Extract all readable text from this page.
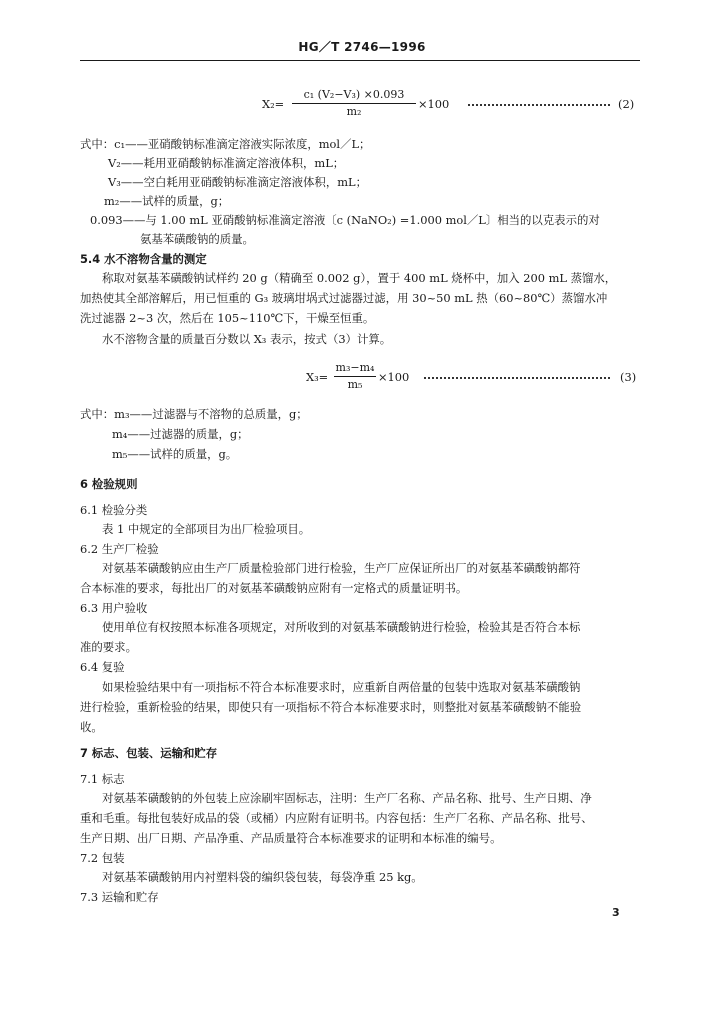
HG／T 2746—1996
X₂=
c₁ (V₂−V₃) ×0.093
m₂
×100	(2)
式中：c₁——亚硝酸钠标准滴定溶液实际浓度，mol／L；
V₂——耗用亚硝酸钠标准滴定溶液体积，mL；
V₃——空白耗用亚硝酸钠标准滴定溶液体积，mL；
m₂——试样的质量，g；
0.093——与 1.00 mL 亚硝酸钠标准滴定溶液〔c (NaNO₂) =1.000 mol／L〕相当的以克表示的对
氨基苯磺酸钠的质量。
5.4 水不溶物含量的测定
称取对氨基苯磺酸钠试样约 20 g（精确至 0.002 g），置于 400 mL 烧杯中，加入 200 mL 蒸馏水，
加热使其全部溶解后，用已恒重的 G₃ 玻璃坩埚式过滤器过滤，用 30~50 mL 热（60~80℃）蒸馏水冲
洗过滤器 2~3 次，然后在 105~110℃下，干燥至恒重。
水不溶物含量的质量百分数以 X₃ 表示，按式（3）计算。
X₃=
m₃−m₄
m₅
×100	(3)
式中：m₃——过滤器与不溶物的总质量，g；
m₄——过滤器的质量，g；
m₅——试样的质量，g。
6 检验规则
6.1 检验分类
表 1 中规定的全部项目为出厂检验项目。
6.2 生产厂检验
对氨基苯磺酸钠应由生产厂质量检验部门进行检验，生产厂应保证所出厂的对氨基苯磺酸钠都符
合本标准的要求，每批出厂的对氨基苯磺酸钠应附有一定格式的质量证明书。
6.3 用户验收
使用单位有权按照本标准各项规定，对所收到的对氨基苯磺酸钠进行检验，检验其是否符合本标
准的要求。
6.4 复验
如果检验结果中有一项指标不符合本标准要求时，应重新自两倍量的包装中选取对氨基苯磺酸钠
进行检验，重新检验的结果，即使只有一项指标不符合本标准要求时，则整批对氨基苯磺酸钠不能验
收。
7 标志、包装、运输和贮存
7.1 标志
对氨基苯磺酸钠的外包装上应涂刷牢固标志，注明：生产厂名称、产品名称、批号、生产日期、净
重和毛重。每批包装好成品的袋（或桶）内应附有证明书。内容包括：生产厂名称、产品名称、批号、
生产日期、出厂日期、产品净重、产品质量符合本标准要求的证明和本标准的编号。
7.2 包装
对氨基苯磺酸钠用内衬塑料袋的编织袋包装，每袋净重 25 kg。
7.3 运输和贮存
3
